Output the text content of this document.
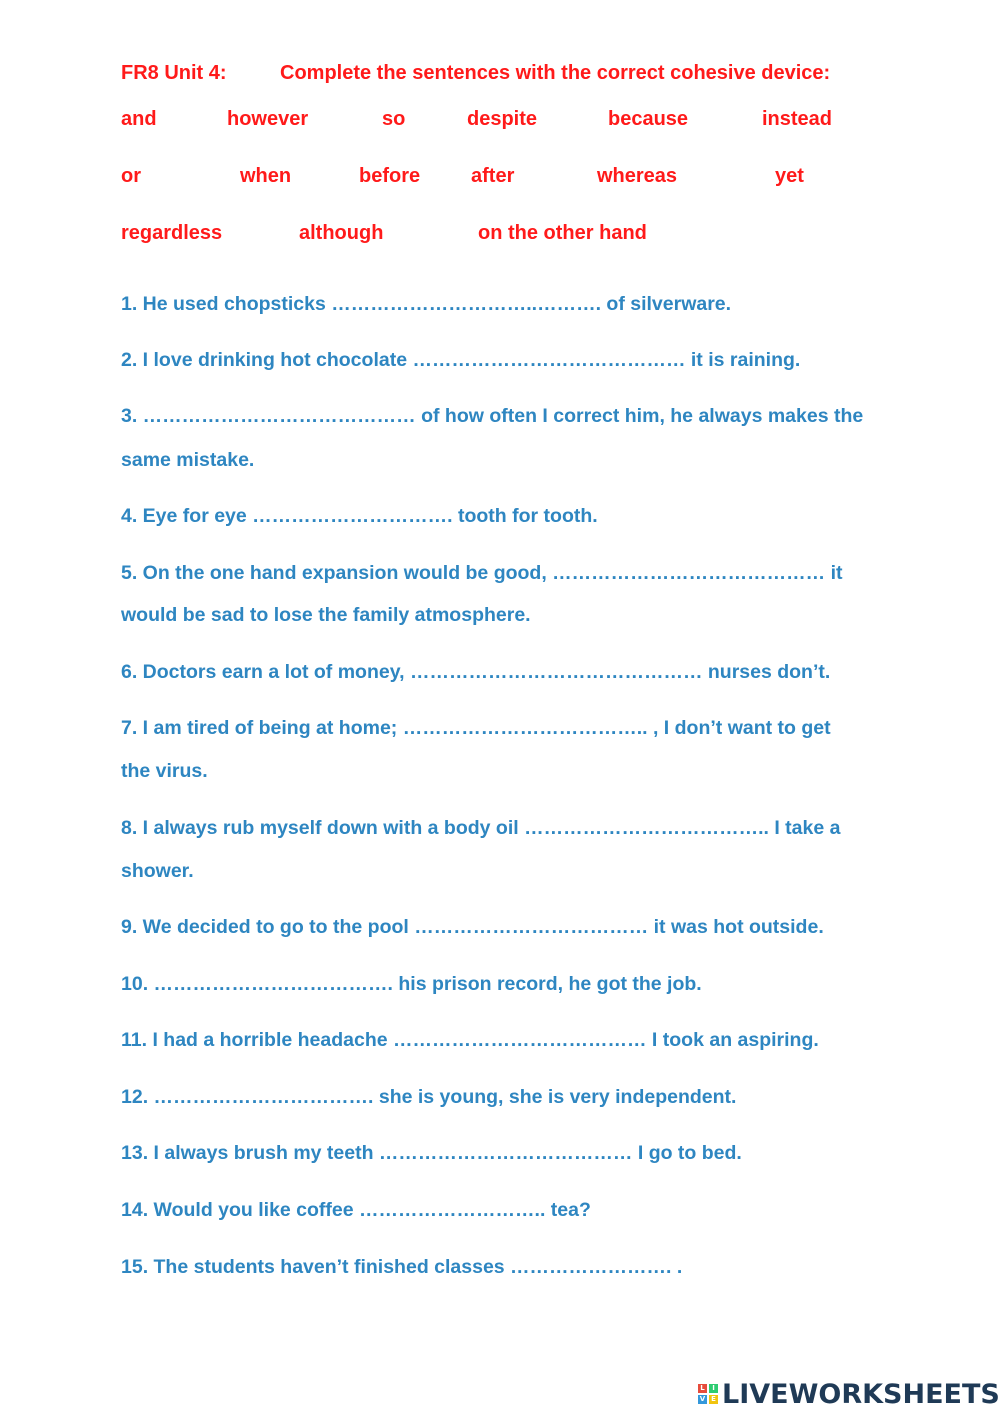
FR8 Unit 4:	Complete the sentences with the correct cohesive device:
and	however	so	despite	because	instead
or	when	before	after	whereas	yet
regardless	although	on the other hand
1. He used chopsticks …………………………..………. of silverware.
2. I love drinking hot chocolate …………………………………… it is raining.
3. …………………………………… of how often I correct him, he always makes the
same mistake.
4. Eye for eye …………………………. tooth for tooth.
5. On the one hand expansion would be good, …………………………………… it
would be sad to lose the family atmosphere.
6. Doctors earn a lot of money, ……………………………………… nurses don’t.
7. I am tired of being at home; ……………………………….. , I don’t want to get
the virus.
8. I always rub myself down with a body oil ……………………………….. I take a
shower.
9. We decided to go to the pool ……………………………… it was hot outside.
10. ………………………………. his prison record, he got the job.
11. I had a horrible headache ………………………………… I took an aspiring.
12. ……………………………. she is young, she is very independent.
13. I always brush my teeth ………………………………… I go to bed.
14. Would you like coffee ……………………….. tea?
15. The students haven’t finished classes ……………………. .
L	I
V E LIVEWORKSHEETS
